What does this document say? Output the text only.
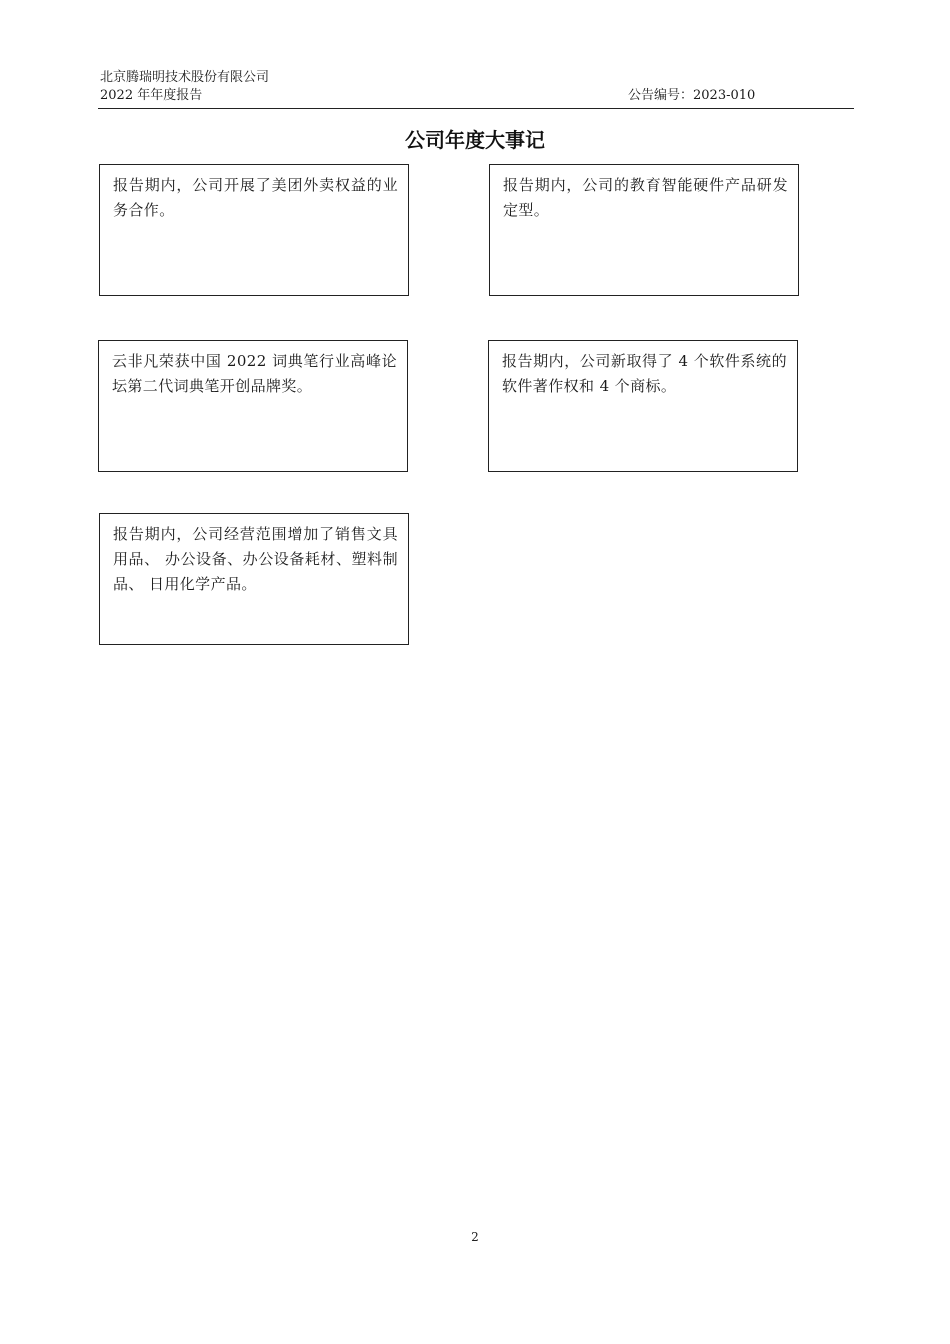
北京腾瑞明技术股份有限公司
2022 年年度报告	公告编号：2023-010
公司年度大事记
报告期内，公司开展了美团外卖权益的业务合作。
报告期内，公司的教育智能硬件产品研发定型。
云非凡荣获中国 2022 词典笔行业高峰论坛第二代词典笔开创品牌奖。
报告期内，公司新取得了 4 个软件系统的软件著作权和 4 个商标。
报告期内，公司经营范围增加了销售文具用品、 办公设备、办公设备耗材、塑料制品、 日用化学产品。
2
